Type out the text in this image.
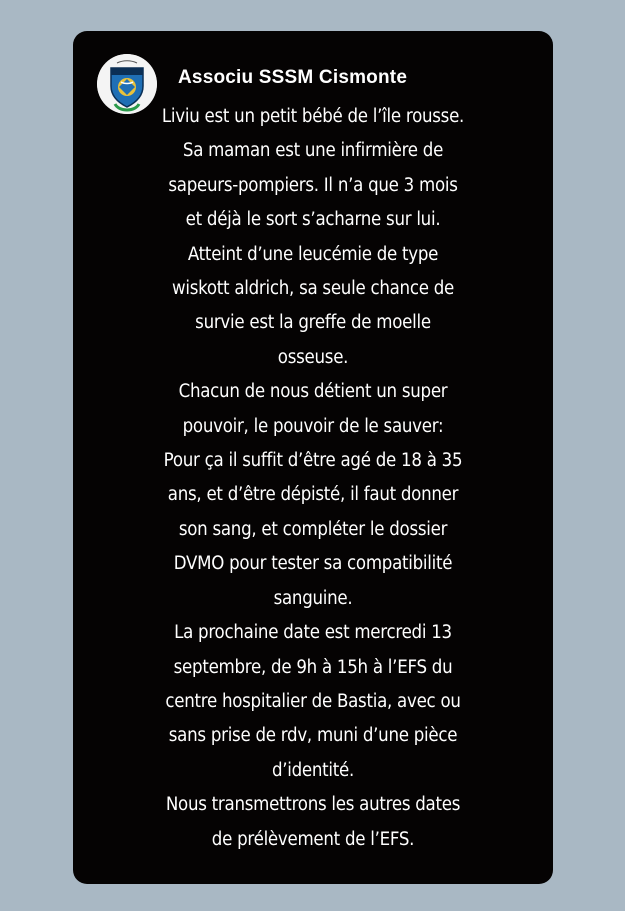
Associu SSSM Cismonte
Liviu est un petit bébé de l’île rousse.
Sa maman est une infirmière de
sapeurs-pompiers. Il n’a que 3 mois
et déjà le sort s’acharne sur lui.
Atteint d’une leucémie de type
wiskott aldrich, sa seule chance de
survie est la greffe de moelle
osseuse.
Chacun de nous détient un super
pouvoir, le pouvoir de le sauver:
Pour ça il suffit d’être agé de 18 à 35
ans, et d’être dépisté, il faut donner
son sang, et compléter le dossier
DVMO pour tester sa compatibilité
sanguine.
La prochaine date est mercredi 13
septembre, de 9h à 15h à l’EFS du
centre hospitalier de Bastia, avec ou
sans prise de rdv, muni d’une pièce
d’identité.
Nous transmettrons les autres dates
de prélèvement de l’EFS.
